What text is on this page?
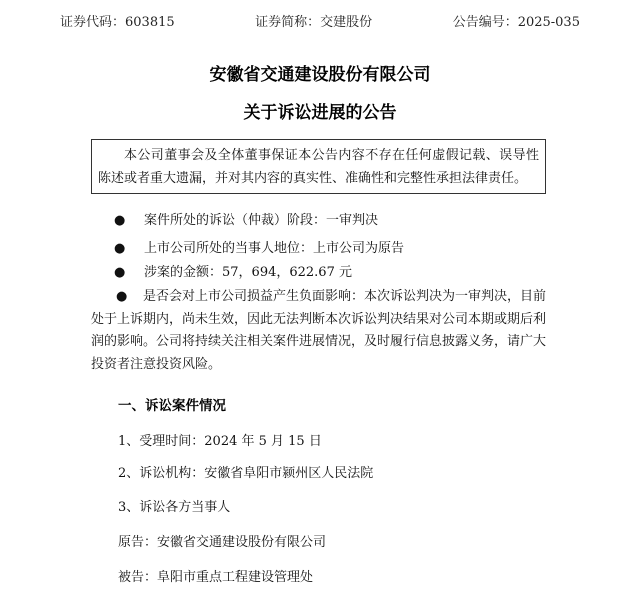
证券代码：603815	证券简称：交建股份	公告编号：2025-035
安徽省交通建设股份有限公司
关于诉讼进展的公告
本公司董事会及全体董事保证本公告内容不存在任何虚假记载、误导性陈述或者重大遗漏，并对其内容的真实性、准确性和完整性承担法律责任。
● 案件所处的诉讼（仲裁）阶段：一审判决
● 上市公司所处的当事人地位：上市公司为原告
● 涉案的金额：57，694，622.67 元
●	是否会对上市公司损益产生负面影响：本次诉讼判决为一审判决，目前处于上诉期内，尚未生效，因此无法判断本次诉讼判决结果对公司本期或期后利润的影响。公司将持续关注相关案件进展情况，及时履行信息披露义务，请广大投资者注意投资风险。
一、诉讼案件情况
1、受理时间：2024 年 5 月 15 日
2、诉讼机构：安徽省阜阳市颍州区人民法院
3、诉讼各方当事人
原告：安徽省交通建设股份有限公司
被告：阜阳市重点工程建设管理处
